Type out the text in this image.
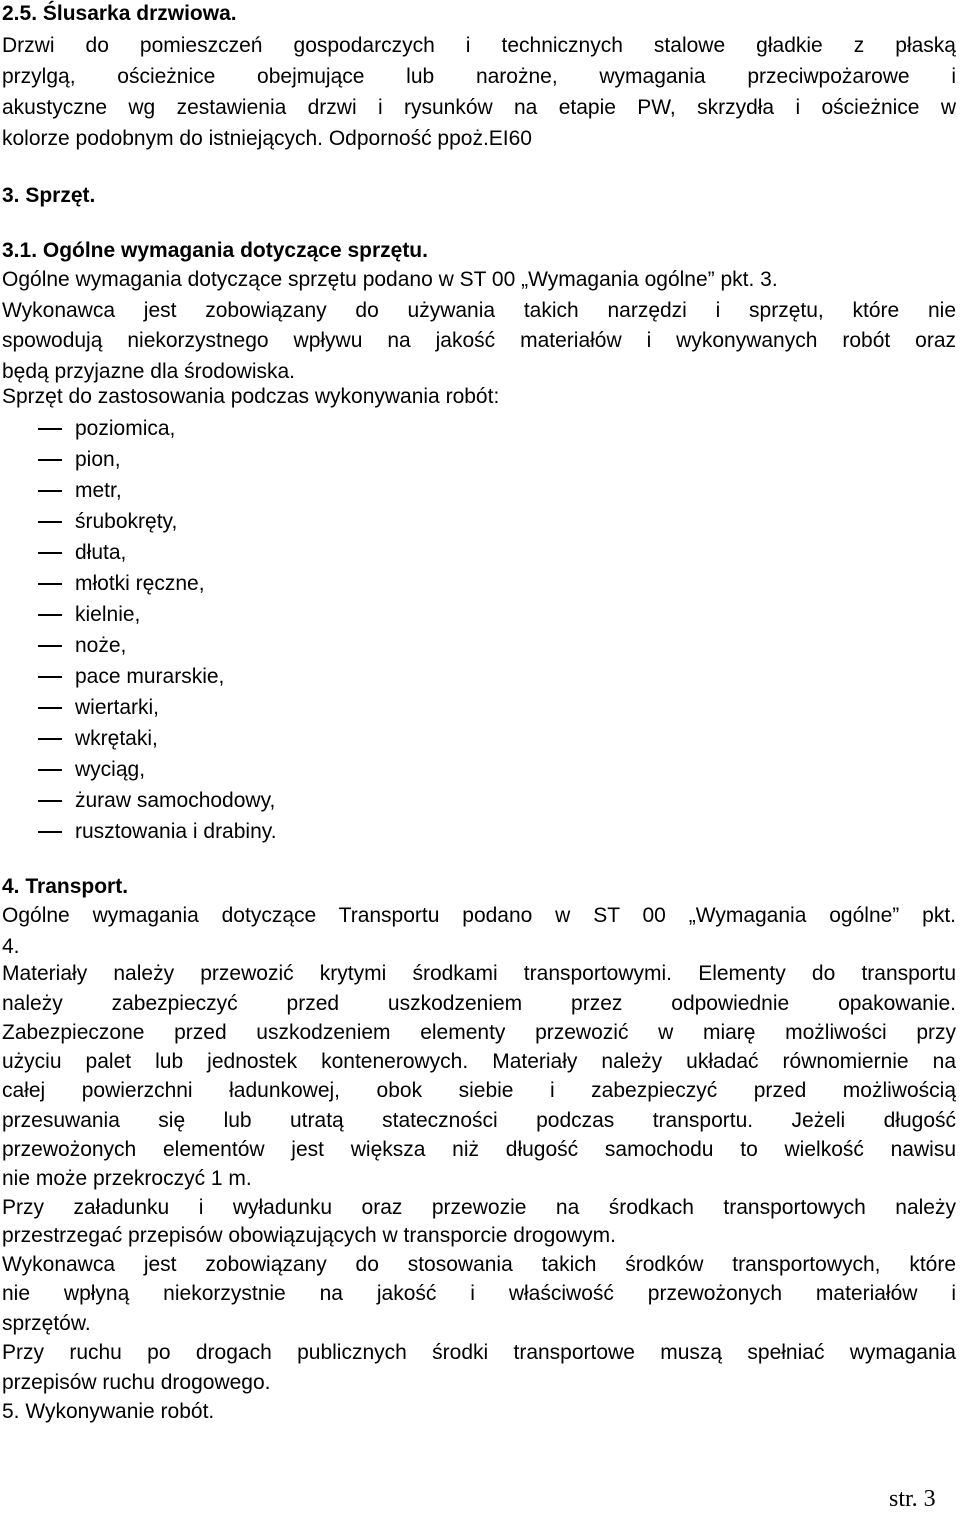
2.5. Ślusarka drzwiowa.
Drzwi do pomieszczeń gospodarczych i technicznych stalowe gładkie z płaską
przylgą, ościeżnice obejmujące lub narożne, wymagania przeciwpożarowe i
akustyczne wg zestawienia drzwi i rysunków na etapie PW, skrzydła i ościeżnice w
kolorze podobnym do istniejących. Odporność ppoż.EI60
3. Sprzęt.
3.1. Ogólne wymagania dotyczące sprzętu.
Ogólne wymagania dotyczące sprzętu podano w ST 00 „Wymagania ogólne” pkt. 3.
Wykonawca jest zobowiązany do używania takich narzędzi i sprzętu, które nie
spowodują niekorzystnego wpływu na jakość materiałów i wykonywanych robót oraz
będą przyjazne dla środowiska.
Sprzęt do zastosowania podczas wykonywania robót:
poziomica,
pion,
metr,
śrubokręty,
dłuta,
młotki ręczne,
kielnie,
noże,
pace murarskie,
wiertarki,
wkrętaki,
wyciąg,
żuraw samochodowy,
rusztowania i drabiny.
4. Transport.
Ogólne wymagania dotyczące Transportu podano w ST 00 „Wymagania ogólne” pkt.
4.
Materiały należy przewozić krytymi środkami transportowymi. Elementy do transportu
należy zabezpieczyć przed uszkodzeniem przez odpowiednie opakowanie.
Zabezpieczone przed uszkodzeniem elementy przewozić w miarę możliwości przy
użyciu palet lub jednostek kontenerowych. Materiały należy układać równomiernie na
całej powierzchni ładunkowej, obok siebie i zabezpieczyć przed możliwością
przesuwania się lub utratą stateczności podczas transportu. Jeżeli długość
przewożonych elementów jest większa niż długość samochodu to wielkość nawisu
nie może przekroczyć 1 m.
Przy załadunku i wyładunku oraz przewozie na środkach transportowych należy
przestrzegać przepisów obowiązujących w transporcie drogowym.
Wykonawca jest zobowiązany do stosowania takich środków transportowych, które
nie wpłyną niekorzystnie na jakość i właściwość przewożonych materiałów i
sprzętów.
Przy ruchu po drogach publicznych środki transportowe muszą spełniać wymagania
przepisów ruchu drogowego.
5. Wykonywanie robót.
str. 3
